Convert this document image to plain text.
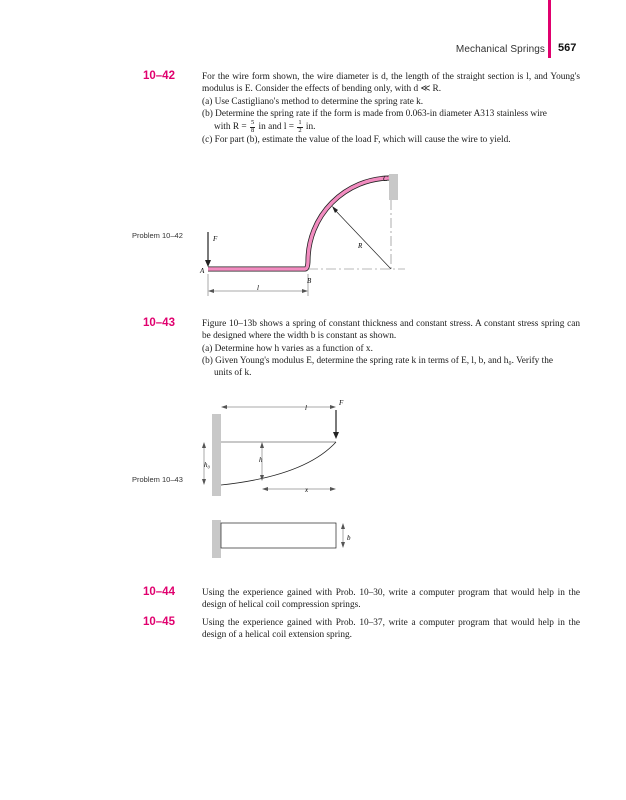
Mechanical Springs 567
10–42	For the wire form shown, the wire diameter is d, the length of the straight section is l, and Young's modulus is E. Consider the effects of bending only, with d ≪ R.

(a) Use Castigliano's method to determine the spring rate k.

(b) Determine the spring rate if the form is made from 0.063-in diameter A313 stainless wire

with $R = \frac{5}{8}$ in and $l = \frac{1}{2}$ in.

(c) For part (b), estimate the value of the load F, which will cause the wire to yield.

Problem 10–42	F
A
B
C
R
l
10–43	Figure 10–13b shows a spring of constant thickness and constant stress. A constant stress spring can be designed where the width b is constant as shown.

(a) Determine how h varies as a function of x.

(b) Given Young's modulus E, determine the spring rate k in terms of E, l, b, and h₀. Verify the

units of k.

Problem 10–43
l
F
h₀
h
x
b
10–44	Using the experience gained with Prob. 10–30, write a computer program that would help in the design of helical coil compression springs.

10–45	Using the experience gained with Prob. 10–37, write a computer program that would help in the design of a helical coil extension spring.
